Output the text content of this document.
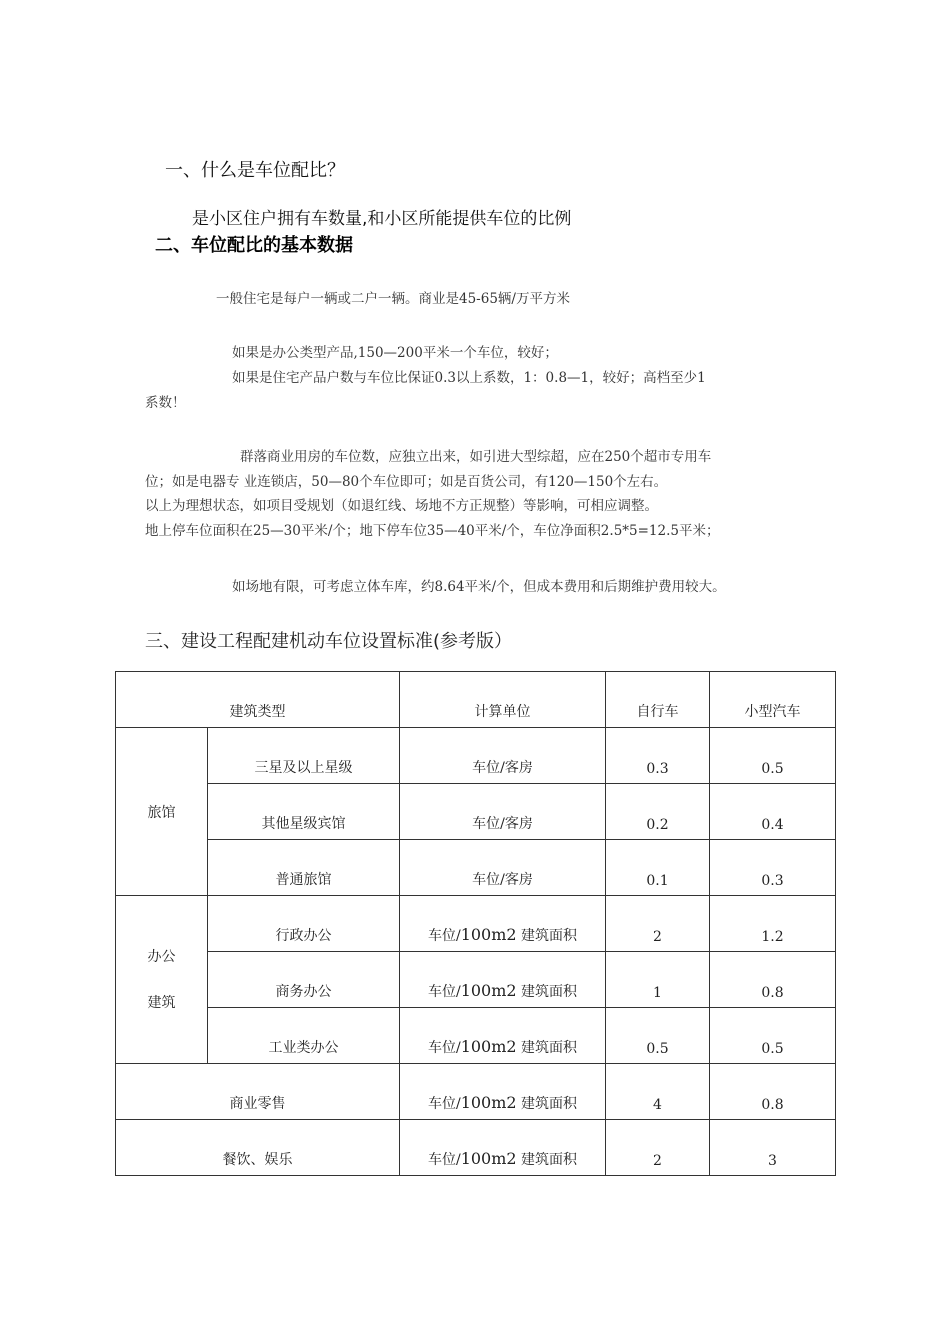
一、什么是车位配比？
是小区住户拥有车数量,和小区所能提供车位的比例
二、车位配比的基本数据
一般住宅是每户一辆或二户一辆。商业是45-65辆/万平方米
如果是办公类型产品,150—200平米一个车位，较好；
如果是住宅产品户数与车位比保证0.3以上系数，1：0.8—1，较好；高档至少1
系数！
群落商业用房的车位数，应独立出来，如引进大型综超，应在250个超市专用车
位；如是电器专 业连锁店，50—80个车位即可；如是百货公司，有120—150个左右。
以上为理想状态，如项目受规划（如退红线、场地不方正规整）等影响，可相应调整。
地上停车位面积在25—30平米/个；地下停车位35—40平米/个，车位净面积2.5*5=12.5平米；
如场地有限，可考虑立体车库，约8.64平米/个，但成本费用和后期维护费用较大。
三、建设工程配建机动车位设置标准(参考版）
建筑类型		计算单位	自行车	小型汽车
旅馆	三星及以上星级	车位/客房	0.3	0.5
	其他星级宾馆	车位/客房	0.2	0.4
	普通旅馆	车位/客房	0.1	0.3

办公
建筑	行政办公	车位/100m2 建筑面积	2	1.2
	商务办公	车位/100m2 建筑面积	1	0.8
	工业类办公	车位/100m2 建筑面积	0.5	0.5
商业零售		车位/100m2 建筑面积	4	0.8
餐饮、娱乐		车位/100m2 建筑面积	2	3
